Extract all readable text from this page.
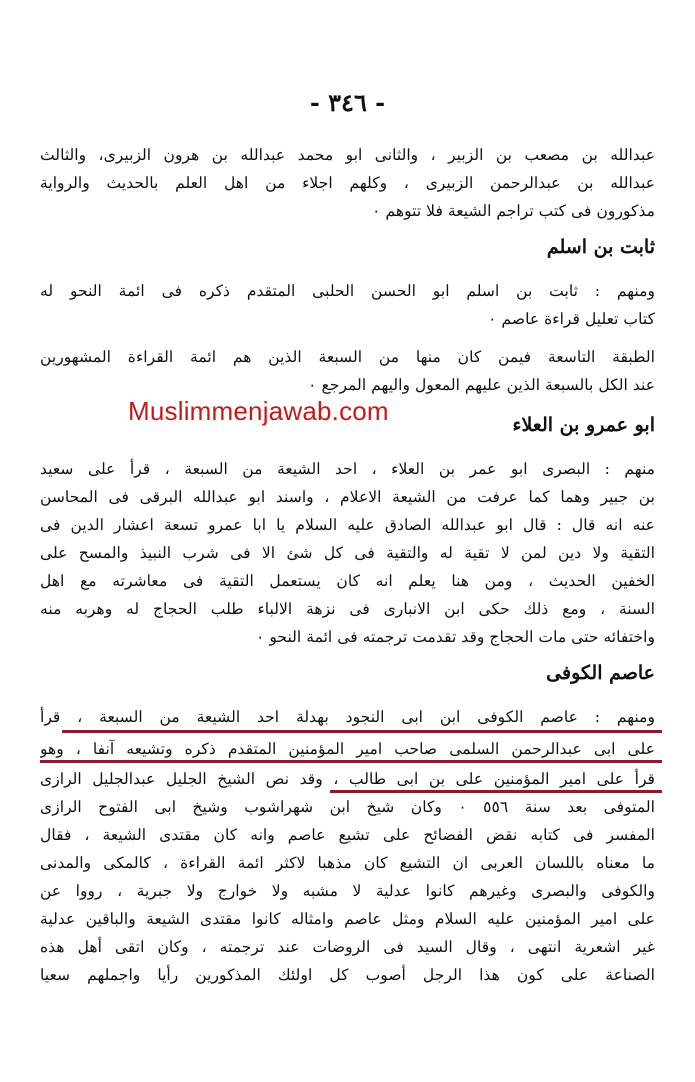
- ٣٤٦ -
عبدالله بن مصعب بن الزبير ، والثانى ابو محمد عبدالله بن هرون الزبيرى، والثالث
عبدالله بن عبدالرحمن الزبيرى ، وكلهم اجلاء من اهل العلم بالحديث والرواية
مذكورون فى كتب تراجم الشيعة فلا تتوهم ٠
ثابت بن اسلم
ومنهم : ثابت بن اسلم ابو الحسن الحلبى المتقدم ذكره فى ائمة النحو له
كتاب تعليل قراءة عاصم ٠
الطبقة التاسعة فيمن كان منها من السبعة الذين هم ائمة القراءة المشهورين
عند الكل بالسبعة الذين عليهم المعول واليهم المرجع ٠
Muslimmenjawab.com	ابو عمرو بن العلاء
منهم : البصرى ابو عمر بن العلاء ، احد الشيعة من السبعة ، قرأ على سعيد
بن جبير وهما كما عرفت من الشيعة الاعلام ، واسند ابو عبدالله البرقى فى المحاسن
عنه انه قال : قال ابو عبدالله الصادق عليه السلام يا ابا عمرو تسعة اعشار الدين فى
التقية ولا دين لمن لا تقية له والتقية فى كل شئ الا فى شرب النبيذ والمسح على
الخفين الحديث ، ومن هنا يعلم انه كان يستعمل التقية فى معاشرته مع اهل
السنة ، ومع ذلك حكى ابن الانبارى فى نزهة الالباء طلب الحجاج له وهربه منه
واختفائه حتى مات الحجاج وقد تقدمت ترجمته فى ائمة النحو ٠
عاصم الكوفى
ومنهم : عاصم الكوفى ابن ابى النجود بهدلة احد الشيعة من السبعة ، قرأ
على ابى عبدالرحمن السلمى صاحب امير المؤمنين المتقدم ذكره وتشيعه آنفا ، وهو
قرأ على امير المؤمنين على بن ابى طالب ، وقد نص الشيخ الجليل عبدالجليل الرازى
المتوفى بعد سنة ٥٥٦ ٠ وكان شيخ ابن شهراشوب وشيخ ابى الفتوح الرازى
المفسر فى كتابه نقض الفضائح على تشيع عاصم وانه كان مقتدى الشيعة ، فقال
ما معناه باللسان العربى ان التشيع كان مذهبا لاكثر ائمة القراءة ، كالمكى والمدنى
والكوفى والبصرى وغيرهم كانوا عدلية لا مشبه ولا خوارج ولا جبرية ، رووا عن
على امير المؤمنين عليه السلام ومثل عاصم وامثاله كانوا مقتدى الشيعة والباقين عدلية
غير اشعرية انتهى ، وقال السيد فى الروضات عند ترجمته ، وكان اتقى أهل هذه
الصناعة على كون هذا الرجل أصوب كل اولئك المذكورين رأيا واجملهم سعيا
